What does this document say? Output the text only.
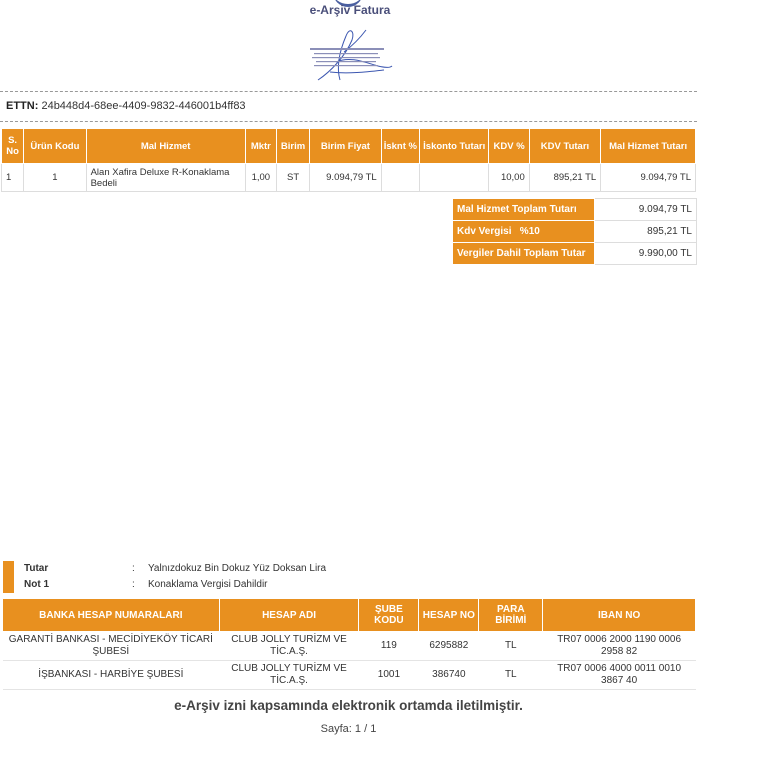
e-Arşiv Fatura
ETTN: 24b448d4-68ee-4409-9832-446001b4ff83
S. No	Ürün Kodu	Mal Hizmet	Mktr	Birim	Birim Fiyat	İsknt %	İskonto Tutarı	KDV %	KDV Tutarı	Mal Hizmet Tutarı
1	1	Alan Xafira Deluxe R-Konaklama Bedeli	1,00	ST	9.094,79 TL			10,00	895,21 TL	9.094,79 TL
Mal Hizmet Toplam Tutarı	9.094,79 TL
Kdv Vergisi   %10	895,21 TL
Vergiler Dahil Toplam Tutar	9.990,00 TL
Tutar	: Yalnızdokuz Bin Dokuz Yüz Doksan Lira
Not 1	: Konaklama Vergisi Dahildir
BANKA HESAP NUMARALARI	HESAP ADI	ŞUBE KODU	HESAP NO	PARA BİRİMİ	IBAN NO
GARANTİ BANKASI - MECİDİYEKÖY TİCARİ ŞUBESİ	CLUB JOLLY TURİZM VE TİC.A.Ş.	119	6295882	TL	TR07 0006 2000 1190 0006 2958 82
İŞBANKASI - HARBİYE ŞUBESİ	CLUB JOLLY TURİZM VE TİC.A.Ş.	1001	386740	TL	TR07 0006 4000 0011 0010 3867 40
e-Arşiv izni kapsamında elektronik ortamda iletilmiştir.
Sayfa: 1 / 1
